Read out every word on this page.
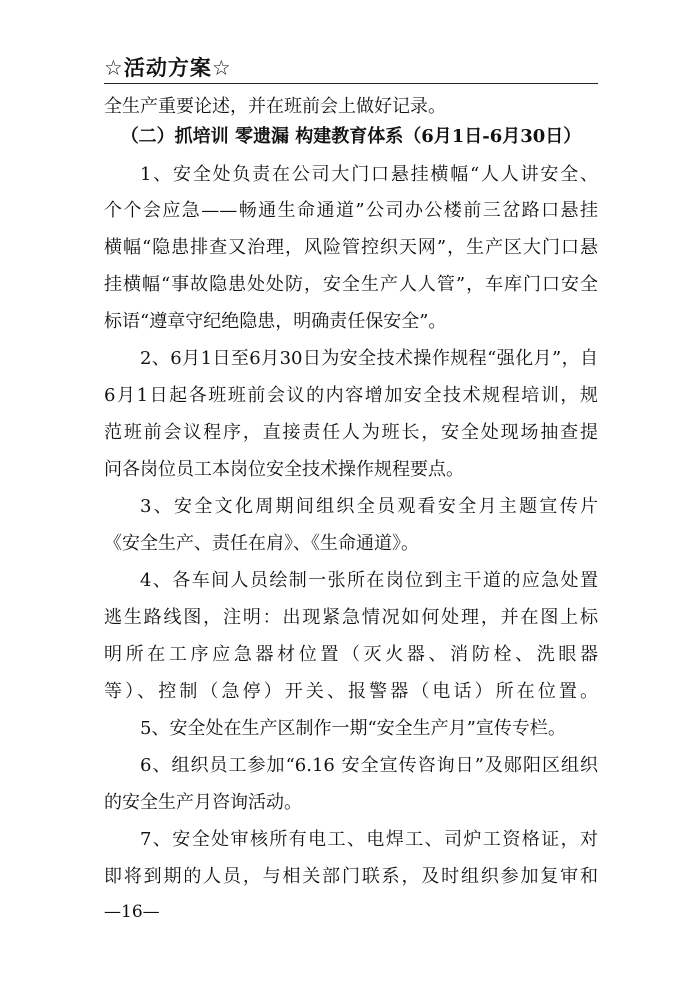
☆活动方案☆
全生产重要论述，并在班前会上做好记录。
（二）抓培训 零遗漏 构建教育体系（6月1日-6月30日）
1、安全处负责在公司大门口悬挂横幅“人人讲安全、
个个会应急——畅通生命通道”公司办公楼前三岔路口悬挂
横幅“隐患排查又治理，风险管控织天网”，生产区大门口悬
挂横幅“事故隐患处处防，安全生产人人管”，车库门口安全
标语“遵章守纪绝隐患，明确责任保安全”。
2、6月1日至6月30日为安全技术操作规程“强化月”，自
6月1日起各班班前会议的内容增加安全技术规程培训，规
范班前会议程序，直接责任人为班长，安全处现场抽查提
问各岗位员工本岗位安全技术操作规程要点。
3、安全文化周期间组织全员观看安全月主题宣传片
《安全生产、责任在肩》、《生命通道》。
4、各车间人员绘制一张所在岗位到主干道的应急处置
逃生路线图，注明：出现紧急情况如何处理，并在图上标
明所在工序应急器材位置（灭火器、消防栓、洗眼器
等）、控制（急停）开关、报警器（电话）所在位置。
5、安全处在生产区制作一期“安全生产月”宣传专栏。
6、组织员工参加“6.16 安全宣传咨询日”及郧阳区组织
的安全生产月咨询活动。
7、安全处审核所有电工、电焊工、司炉工资格证，对
即将到期的人员，与相关部门联系，及时组织参加复审和
—16—
